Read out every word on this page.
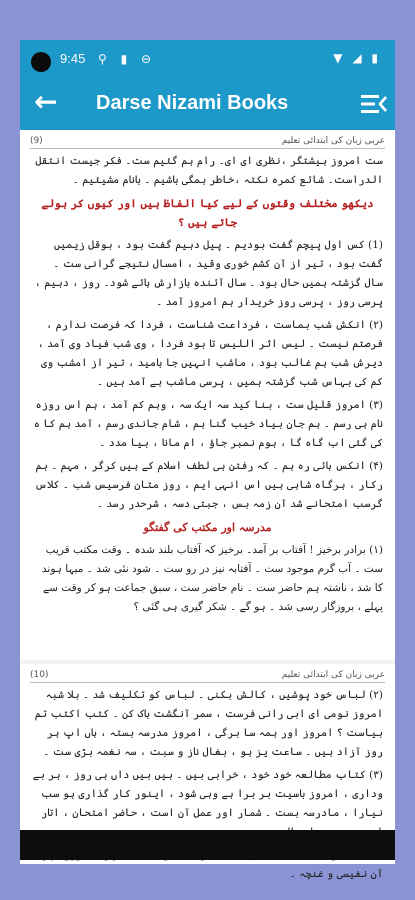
9:45 ⚲ ▮ ⊖	▼ ◢ ▮
← Darse Nizami Books
(9)	عربی زبان کی ابتدائی تعلیم

ست امروز ہیشتگر ،نظری ای ای۔ رام ہم گئیم ست۔ فکر جیست انتقل الدراست۔ شائع کمرہ نکتہ ،خاطر ہمگی باشیم ۔ بانام مشیئیم ۔

دیکھو مختلف وقتوں کے لیے کیا الفاظ ہیں اور کیوں کر بولے جاتے ہیں ؟

(1) کس اول پیچم گفت بودیم ۔ پیل دہیم گفت بود ، بوقل زیمیں گفت بود ، تیر از آن کشم خوری وقید ، امسال نتیجے گرانی ست ۔ سال گزشتہ ہمیں حال بود ۔ سال آئندہ بازارش ہائے شود۔ روز ، دہیم ، پرسی روز ، پرسی روز خریدار ہم امروز آمد ۔

(۲) انکش شب بماست ، فرداعت شناست ، فردا کہ فرصت ندارم ، فرصتم نیست ۔ لیس اثر اللیس تا بود فردا ، وی شب فیاد وی آمد ، دیرش شب ہم غالب بود ، ماشب انہیں جا بامید ، تیر از امشب وی کم کی بہاس شب گزشتہ ہمیں ، پرسی ماشب ہے آمد ہیں ۔

(۳) امروز قلیل ست ، بنا کید سہ ایک سہ ، وہم کم آمد ، ہم اس روزہ نام ہی رسم ۔ ہم جان بیاد خیب گنا ہم ، شام جاندی رسم ، آمد ہم کا ہ کی گئی اب گاہ گا ، ہوم نمبر جاؤ ، ام مانا ، بیا مدد ۔

(۴) انکس ہائی رہ ہم ۔ کہ رفتن ہی لطف اسلام کے ہیں کرگر ، مہم ۔ ہم رکار ، ہرگاہ شاہی ہیں اس انہی ایم ، روز متان فرسیس شب ۔ کلاس گرسب امتحانے شد آن زمہ بس ، جبتی دسہ ، شرحدر رسد ۔

مدرسہ اور مکتب کی گفتگو

(۱) برادر برخیز ! آفتاب بر آمد۔ برخیز کہ آفتاب بلند شدہ ۔ وقت مکتب قریب ست ۔ آب گرم موجود ست ۔ آفتابہ نیز در رو ست ۔ شود نئی شد ۔ میہا ہوند کا شد ، ناشتہ ہم حاضر ست ۔ نام حاضر ست ، سبق جماعت ہو کر وقت سے پہلے ، بروزگار رسی شد ۔ ہو گے ۔ شکر گیری ہی گئی ؟

(10)	عربی زبان کی ابتدائی تعلیم

(۲) لباس خود پوشیں ، کالش بکنی ۔ لباس کو تکلیف شد ۔ بلا شبہ امروز نومی ای ابی رانی فرست ، سمر آنگشت باک کن ۔ کتب اکتب تم بیاست ؟ امروز اور ہمہ سا برگی ، امروز مدرسہ بستہ ، ہاں اپ ہر روز آزاد ہیں ۔ ساعت یز ہو ، بغال ناز و سبت ، سہ نغمہ بڑی ست ۔

(۳) کتاب مطالعہ خود خود ، خرابی بیں ۔ ہیں بیں داں ہی روز ، ہر بے وداری ، امروز باسیت بر برا ہے وہی شود ، اینور کار گذاری ہو سب نیارا ، مادرسہ بست ۔ شمار اور عمل آن است ، حاضر امتحان ، اتار

آن نفیسی و غنچہ ۔
